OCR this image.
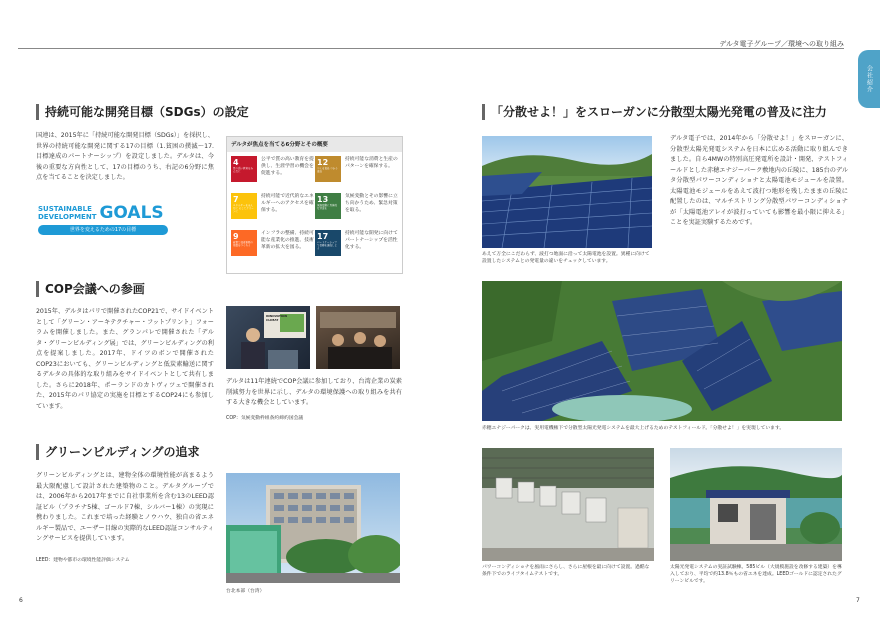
デルタ電子グループ／環境への取り組み
会社紹介
持続可能な開発目標（SDGs）の設定
国連は、2015年に「持続可能な開発目標（SDGs）」を採択し、世界の持続可能な開発に関する17の目標（1.貧困の撲滅～17.目標達成のパートナーシップ）を設定しました。デルタは、今後の重要な方向性として、17の目標のうち、右記の6分野に焦点を当てることを決定しました。
SUSTAINABLE
DEVELOPMENT GOALS
世界を変えるための17の目標
デルタが焦点を当てる6分野とその概要
4
質の高い教育をみんなに
公平で質の高い教育を提供し、生涯学習の機会を促進する。
12
つくる責任 つかう責任
持続可能な消費と生産のパターンを確保する。
7
エネルギーをみんなに そしてクリーンに
持続可能で近代的なエネルギーへのアクセスを確保する。
13
気候変動に具体的な対策を
気候変動とその影響に立ち向かうため、緊急対策を取る。
9
産業と技術革新の基盤をつくろう
インフラの整備、持続可能な産業化の推進、技術革新の拡大を図る。
17
パートナーシップで目標を達成しよう
持続可能な開発に向けてパートナーシップを活性化する。
COP会議への参画
2015年、デルタはパリで開催されたCOP21で、サイドイベントとして「グリーン・アーキテクチャー・フットプリント」フォーラムを開催しました。また、グランパレで開催された「デルタ・グリーンビルディング展」では、グリーンビルディングの利点を提案しました。2017年、ドイツのボンで開催されたCOP23においても、グリーンビルディングと低炭素輸送に関するデルタの具体的な取り組みをサイドイベントとして共有しました。さらに2018年、ポーランドのカトヴィツェで開催された、2015年のパリ協定の実施を目標とするCOP24にも参加しています。
INNOVATION CLIMAT
デルタは11年連続でCOP会議に参加しており、台湾企業の炭素削減努力を世界に示し、デルタの環境保護への取り組みを共有する大きな機会としています。
COP：気候変動枠組条約締約国会議
グリーンビルディングの追求
グリーンビルディングとは、建物全体の環境性能が高まるよう最大限配慮して設計された建築物のこと。デルタグループでは、2006年から2017年までに自社事業所を含む13のLEED認証ビル（プラチナ5棟、ゴールド7棟、シルバー1棟）の実現に携わりました。これまで培った経験とノウハウ、独自の省エネルギー製品で、ユーザー目線の実際的なLEED認証コンサルティングサービスを提供しています。
LEED：建物や都市の環境性能評価システム
台北本部（台湾）
6
「分散せよ！」をスローガンに分散型太陽光発電の普及に注力
あえて万全にこだわらず、波打つ地面に沿って太陽電池を設置。異種に向けて設置したシステムとの発電量の違いをチェックしています。
デルタ電子では、2014年から「分散せよ！」をスローガンに、分散型太陽光発電システムを日本に広める活動に取り組んできました。自ら4MWの特別高圧発電所を設計・開発、テストフィールドとした赤穂エナジーパーク敷地内の丘陵に、185台のデルタ分散型パワーコンディショナと太陽電池モジュールを設置。太陽電池モジュールをあえて波打つ地形を残したままの丘陵に配置したのは、マルチストリング分散型パワーコンディショナが「太陽電池アレイが波打っていても影響を最小限に抑える」ことを実証実験するためです。
赤穂エナジーパークは、実用電機権下で分散型太陽光発電システムを最大上げるためのテストフィールド。「分散せよ！」を実現しています。
パワーコンディショナを風雨にさらし、さらに屋根を最に向けて設置。過酷な条件下でのライフタイムテストです。
太陽光発電システムの実証試験棟。585ビル（大規模施設を改修する建築）を導入しており、平均で約13.8％もの省エネを達成。LEEDゴールドに認定されたグリーンビルです。
7
